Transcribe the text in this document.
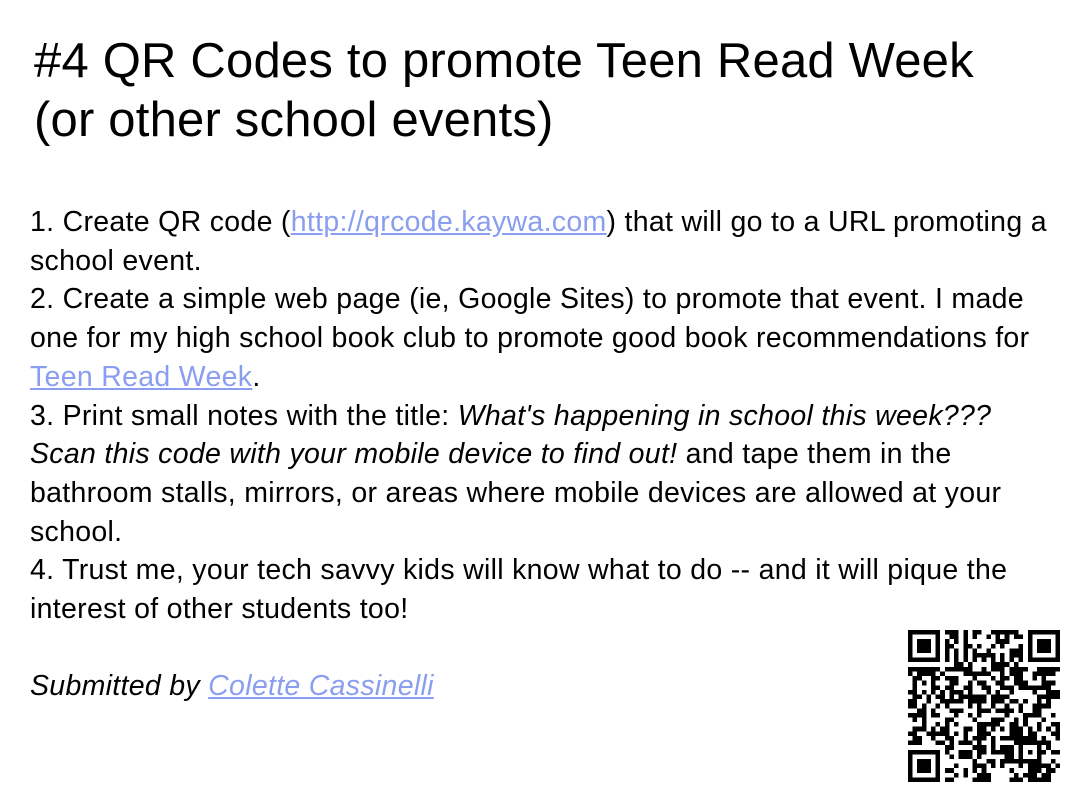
#4 QR Codes to promote Teen Read Week (or other school events)

1. Create QR code (http://qrcode.kaywa.com) that will go to a URL promoting a school event.

2. Create a simple web page (ie, Google Sites) to promote that event. I made one for my high school book club to promote good book recommendations for Teen Read Week.

3. Print small notes with the title: What's happening in school this week??? Scan this code with your mobile device to find out! and tape them in the bathroom stalls, mirrors, or areas where mobile devices are allowed at your school.

4. Trust me, your tech savvy kids will know what to do -- and it will pique the interest of other students too!

Submitted by Colette Cassinelli
